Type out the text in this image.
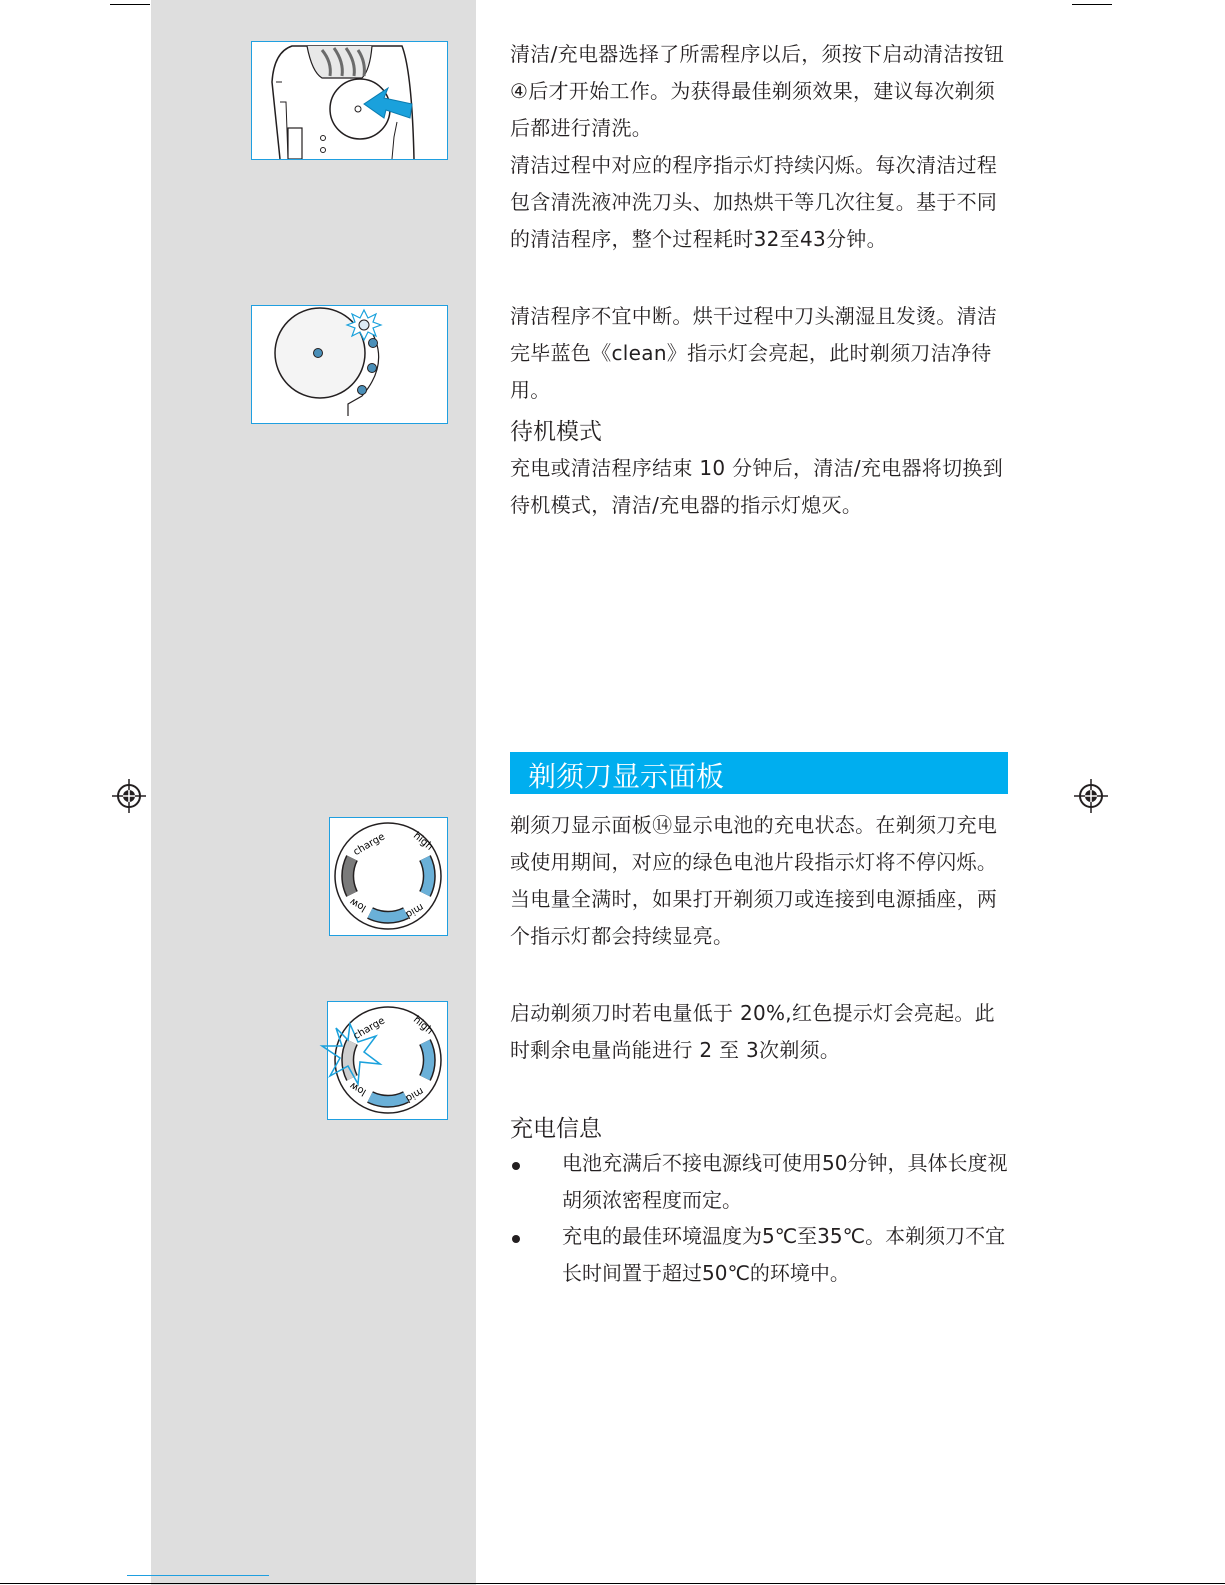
charge high
mid
low
charge high
mid
low

清洁/充电器选择了所需程序以后，须按下启动清洁按钮④后才开始工作。为获得最佳剃须效果，建议每次剃须后都进行清洗。

清洁过程中对应的程序指示灯持续闪烁。每次清洁过程包含清洗液冲洗刀头、加热烘干等几次往复。基于不同的清洁程序，整个过程耗时32至43分钟。

清洁程序不宜中断。烘干过程中刀头潮湿且发烫。清洁完毕蓝色《clean》指示灯会亮起，此时剃须刀洁净待用。

待机模式

充电或清洁程序结束 10 分钟后，清洁/充电器将切换到待机模式，清洁/充电器的指示灯熄灭。

剃须刀显示面板

剃须刀显示面板⑭显示电池的充电状态。在剃须刀充电或使用期间，对应的绿色电池片段指示灯将不停闪烁。当电量全满时，如果打开剃须刀或连接到电源插座，两个指示灯都会持续显亮。

启动剃须刀时若电量低于 20%,红色提示灯会亮起。此时剩余电量尚能进行 2 至 3次剃须。

充电信息

电池充满后不接电源线可使用50分钟，具体长度视胡须浓密程度而定。

充电的最佳环境温度为5℃至35℃。本剃须刀不宜长时间置于超过50℃的环境中。
